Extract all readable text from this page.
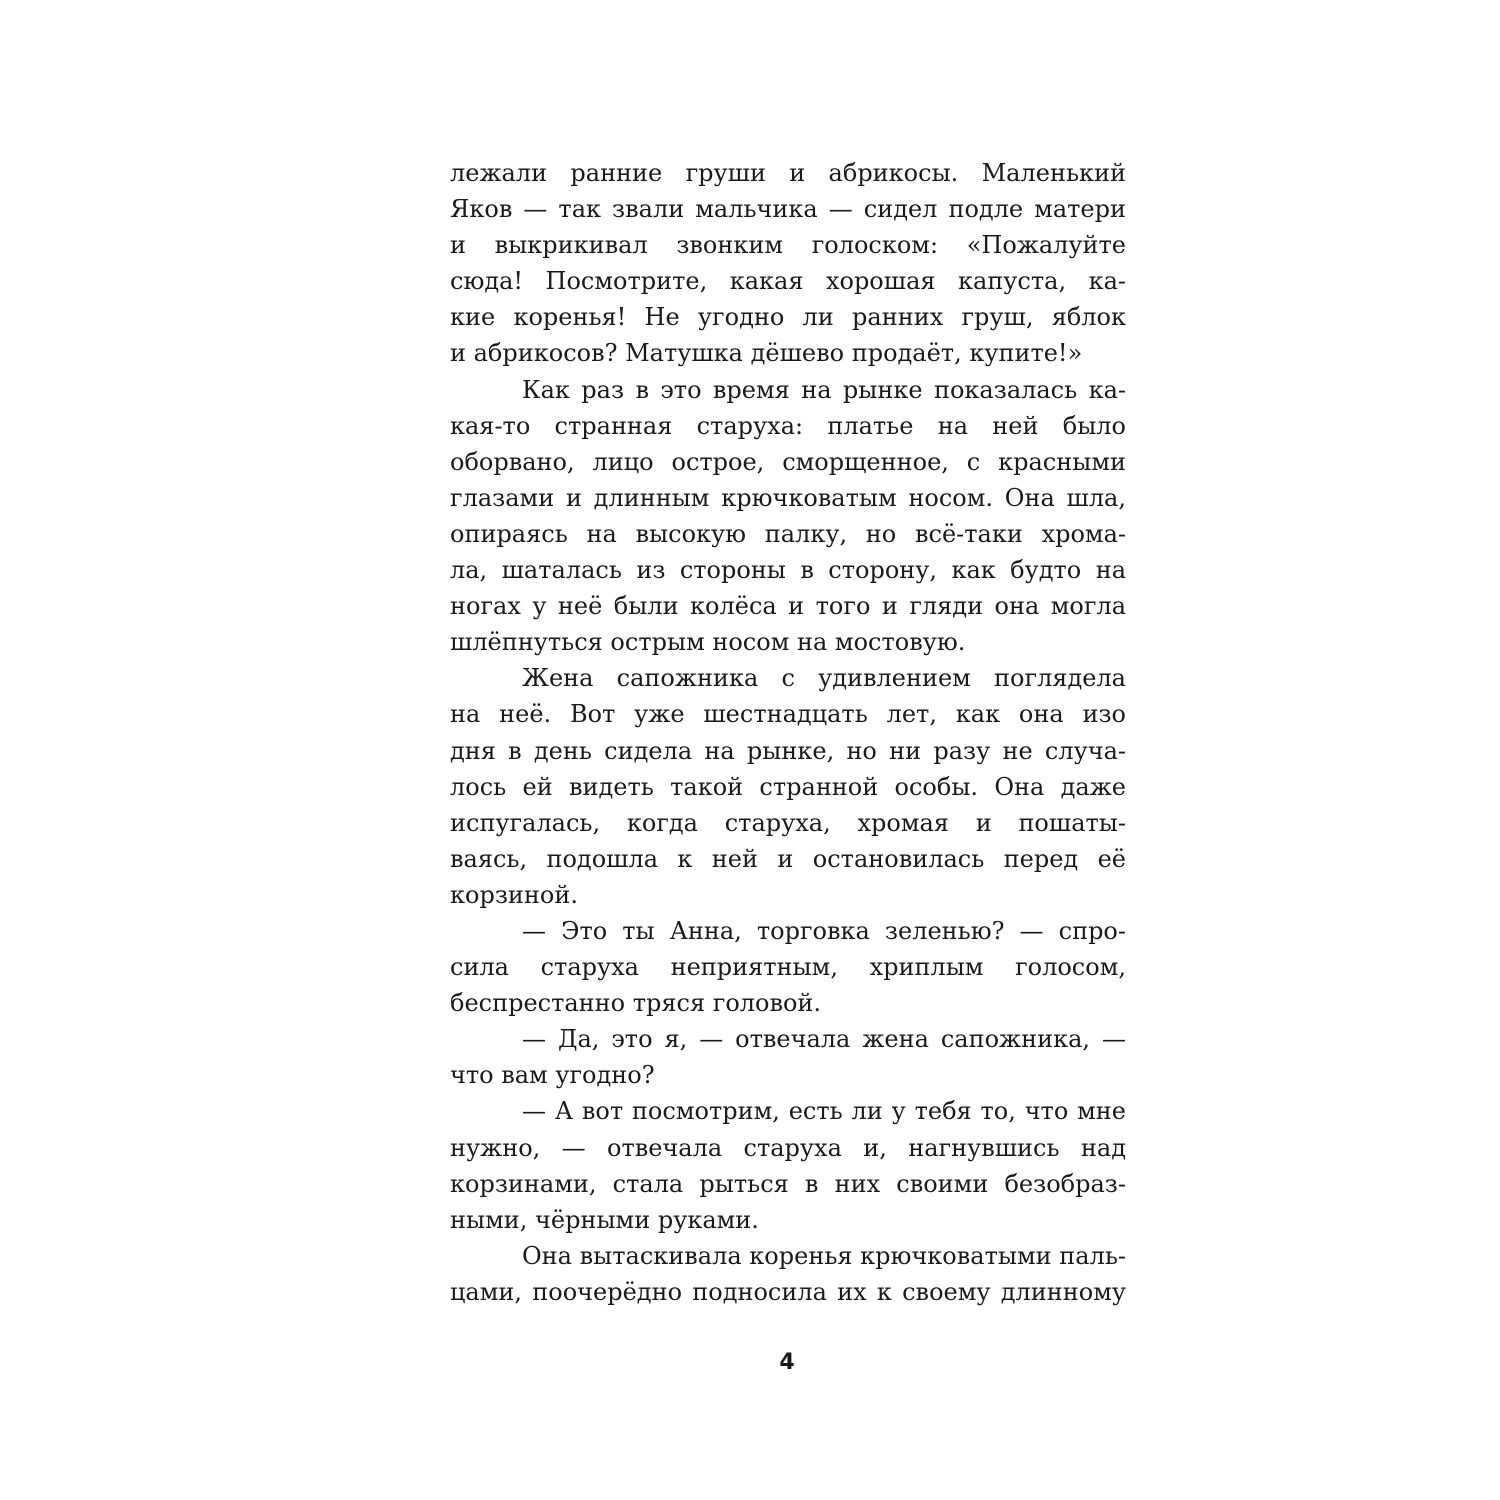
лежали ранние груши и абрикосы. Маленький
Яков — так звали мальчика — сидел подле матери
и выкрикивал звонким голоском: «Пожалуйте
сюда! Посмотрите, какая хорошая капуста, ка-
кие коренья! Не угодно ли ранних груш, яблок
и абрикосов? Матушка дёшево продаёт, купите!»
Как раз в это время на рынке показалась ка-
кая-то странная старуха: платье на ней было
оборвано, лицо острое, сморщенное, с красными
глазами и длинным крючковатым носом. Она шла,
опираясь на высокую палку, но всё-таки хрома-
ла, шаталась из стороны в сторону, как будто на
ногах у неё были колёса и того и гляди она могла
шлёпнуться острым носом на мостовую.
Жена сапожника с удивлением поглядела
на неё. Вот уже шестнадцать лет, как она изо
дня в день сидела на рынке, но ни разу не случа-
лось ей видеть такой странной особы. Она даже
испугалась, когда старуха, хромая и пошаты-
ваясь, подошла к ней и остановилась перед её
корзиной.
— Это ты Анна, торговка зеленью? — спро-
сила старуха неприятным, хриплым голосом,
беспрестанно тряся головой.
— Да, это я, — отвечала жена сапожника, —
что вам угодно?
— А вот посмотрим, есть ли у тебя то, что мне
нужно, — отвечала старуха и, нагнувшись над
корзинами, стала рыться в них своими безобраз-
ными, чёрными руками.
Она вытаскивала коренья крючковатыми паль-
цами, поочерёдно подносила их к своему длинному
4
